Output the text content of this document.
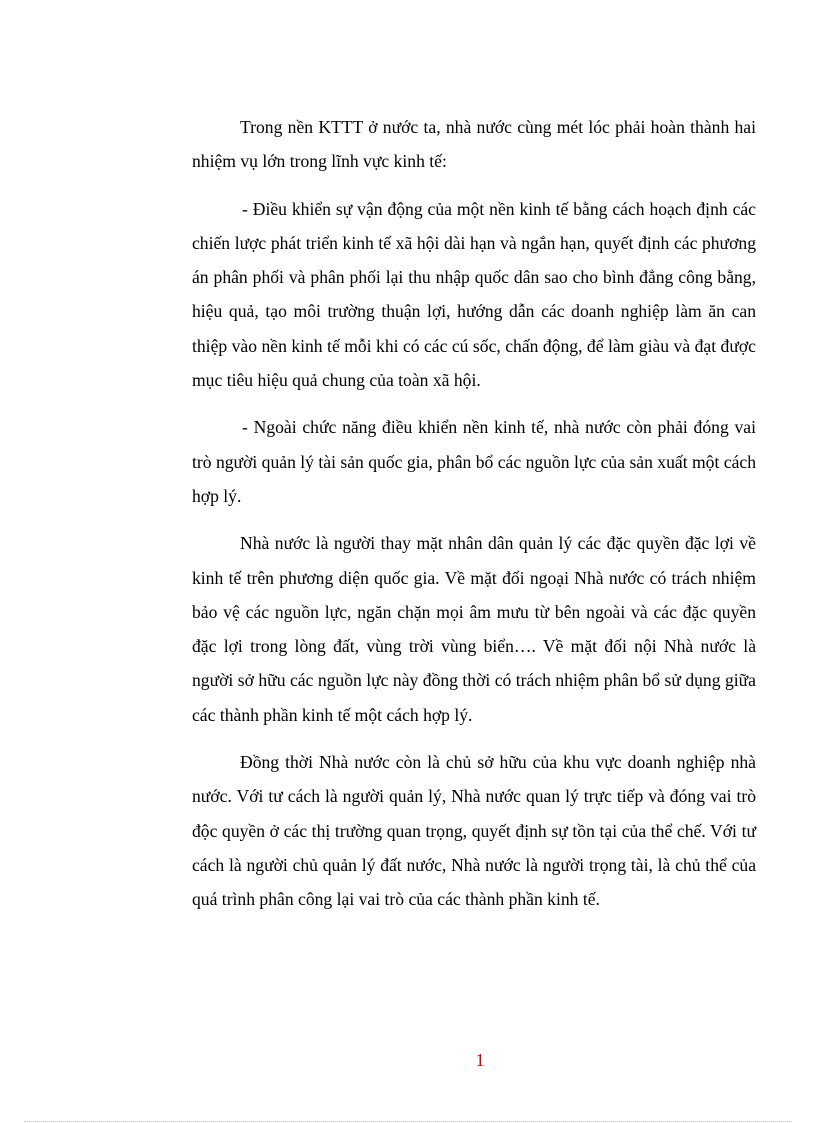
Trong nền KTTT ở nước ta, nhà nước cùng mét lóc phải hoàn thành hai nhiệm vụ lớn trong lĩnh vực kinh tế:

- Điều khiển sự vận động của một nền kinh tế bằng cách hoạch định các chiến lược phát triển kinh tế xã hội dài hạn và ngắn hạn, quyết định các phương án phân phối và phân phối lại thu nhập quốc dân sao cho bình đẳng công bằng, hiệu quả, tạo môi trường thuận lợi, hướng dẫn các doanh nghiệp làm ăn can thiệp vào nền kinh tế mỗi khi có các cú sốc, chấn động, để làm giàu và đạt được mục tiêu hiệu quả chung của toàn xã hội.

- Ngoài chức năng điều khiển nền kinh tế, nhà nước còn phải đóng vai trò người quản lý tài sản quốc gia, phân bổ các nguồn lực của sản xuất một cách hợp lý.

Nhà nước là người thay mặt nhân dân quản lý các đặc quyền đặc lợi về kinh tế trên phương diện quốc gia. Về mặt đối ngoại Nhà nước có trách nhiệm bảo vệ các nguồn lực, ngăn chặn mọi âm mưu từ bên ngoài và các đặc quyền đặc lợi trong lòng đất, vùng trời vùng biển…. Về mặt đối nội Nhà nước là người sở hữu các nguồn lực này đồng thời có trách nhiệm phân bổ sử dụng giữa các thành phần kinh tế một cách hợp lý.

Đồng thời Nhà nước còn là chủ sở hữu của khu vực doanh nghiệp nhà nước. Với tư cách là người quản lý, Nhà nước quan lý trực tiếp và đóng vai trò độc quyền ở các thị trường quan trọng, quyết định sự tồn tại của thể chế. Với tư cách là người chủ quản lý đất nước, Nhà nước là người trọng tài, là chủ thể của quá trình phân công lại vai trò của các thành phần kinh tế.

1
